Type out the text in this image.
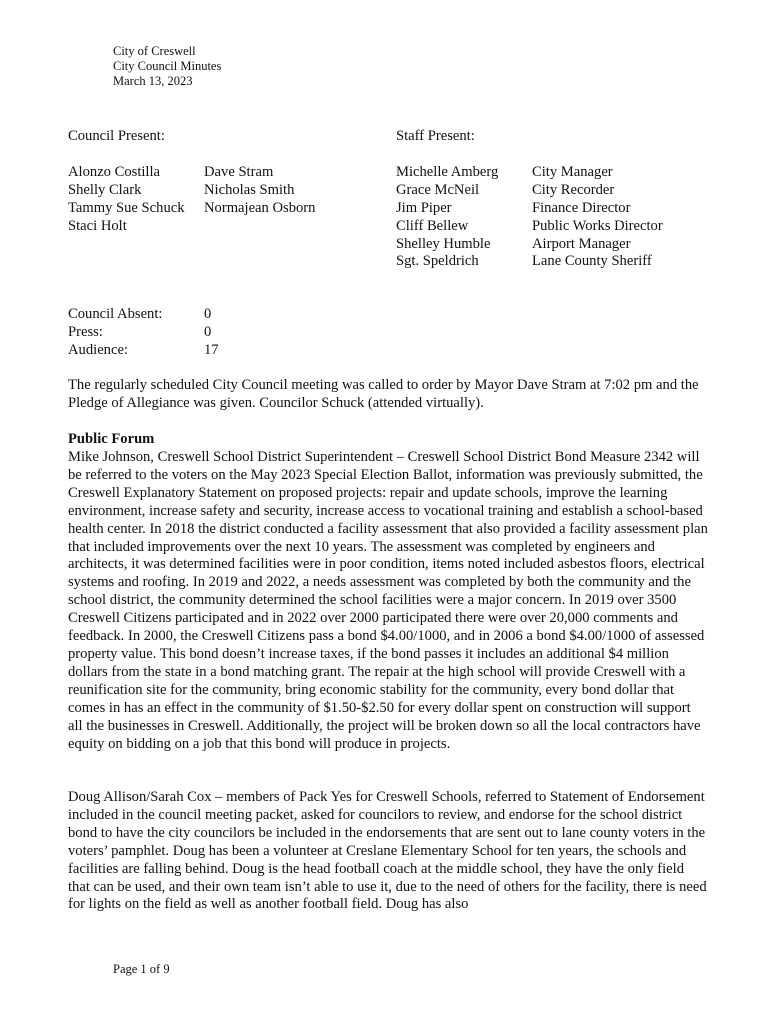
City of Creswell
City Council Minutes
March 13, 2023
Council Present:	Staff Present:
Alonzo Costilla
Shelly Clark
Tammy Sue Schuck
Staci Holt
Dave Stram
Nicholas Smith
Normajean Osborn
Michelle Amberg
Grace McNeil
Jim Piper
Cliff Bellew
Shelley Humble
Sgt. Speldrich
City Manager
City Recorder
Finance Director
Public Works Director
Airport Manager
Lane County Sheriff
Council Absent:
Press:
Audience:
0
0
17
The regularly scheduled City Council meeting was called to order by Mayor Dave Stram at 7:02 pm and the Pledge of Allegiance was given. Councilor Schuck (attended virtually).
Public Forum
Mike Johnson, Creswell School District Superintendent – Creswell School District Bond Measure 2342 will be referred to the voters on the May 2023 Special Election Ballot, information was previously submitted, the Creswell Explanatory Statement on proposed projects: repair and update schools, improve the learning environment, increase safety and security, increase access to vocational training and establish a school-based health center. In 2018 the district conducted a facility assessment that also provided a facility assessment plan that included improvements over the next 10 years. The assessment was completed by engineers and architects, it was determined facilities were in poor condition, items noted included asbestos floors, electrical systems and roofing. In 2019 and 2022, a needs assessment was completed by both the community and the school district, the community determined the school facilities were a major concern. In 2019 over 3500 Creswell Citizens participated and in 2022 over 2000 participated there were over 20,000 comments and feedback. In 2000, the Creswell Citizens pass a bond $4.00/1000, and in 2006 a bond $4.00/1000 of assessed property value. This bond doesn’t increase taxes, if the bond passes it includes an additional $4 million dollars from the state in a bond matching grant. The repair at the high school will provide Creswell with a reunification site for the community, bring economic stability for the community, every bond dollar that comes in has an effect in the community of $1.50-$2.50 for every dollar spent on construction will support all the businesses in Creswell. Additionally, the project will be broken down so all the local contractors have equity on bidding on a job that this bond will produce in projects.
Doug Allison/Sarah Cox – members of Pack Yes for Creswell Schools, referred to Statement of Endorsement included in the council meeting packet, asked for councilors to review, and endorse for the school district bond to have the city councilors be included in the endorsements that are sent out to lane county voters in the voters’ pamphlet. Doug has been a volunteer at Creslane Elementary School for ten years, the schools and facilities are falling behind. Doug is the head football coach at the middle school, they have the only field that can be used, and their own team isn’t able to use it, due to the need of others for the facility, there is need for lights on the field as well as another football field. Doug has also
Page 1 of 9
